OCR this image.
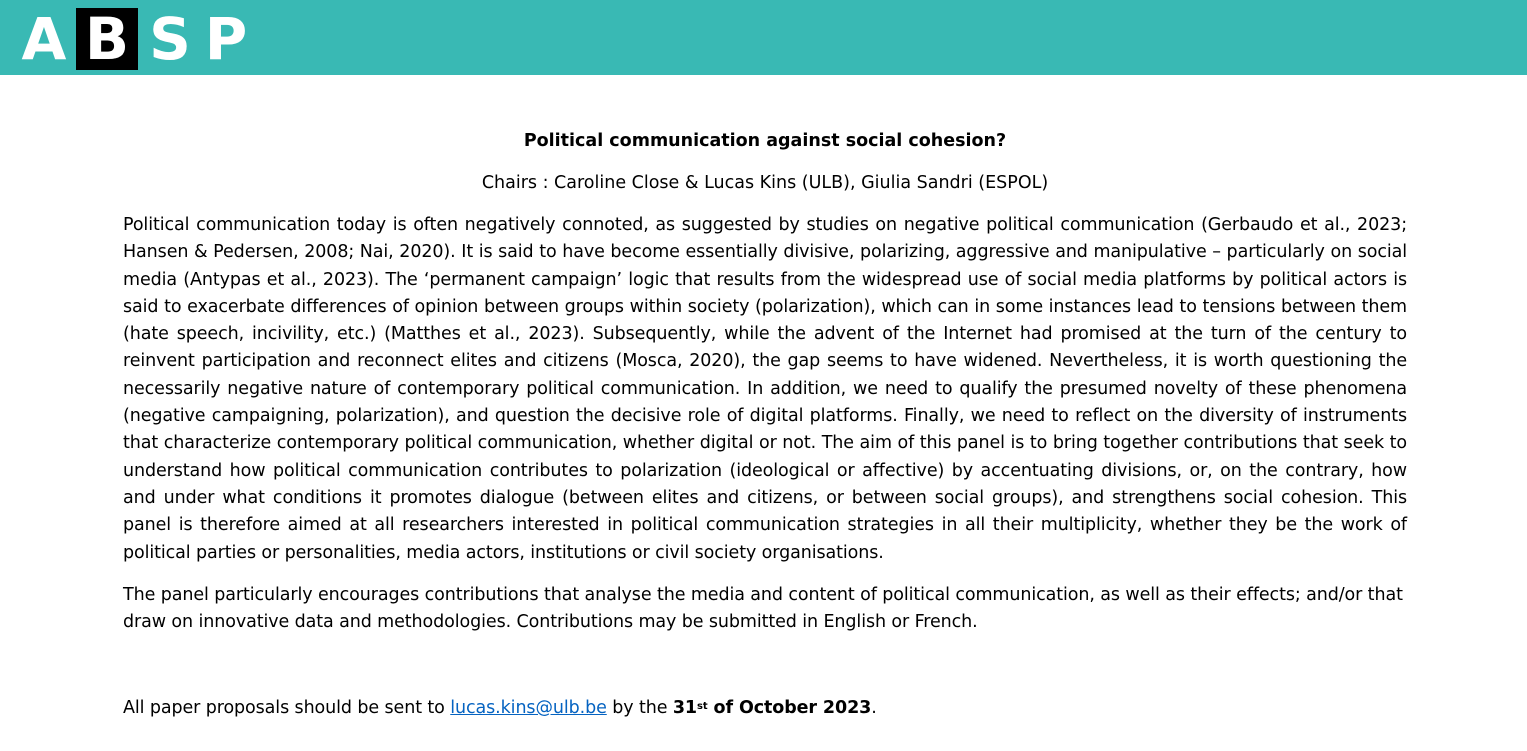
A B S P

Political communication against social cohesion?

Chairs : Caroline Close & Lucas Kins (ULB), Giulia Sandri (ESPOL)

Political communication today is often negatively connoted, as suggested by studies on negative political communication (Gerbaudo et al., 2023; Hansen & Pedersen, 2008; Nai, 2020). It is said to have become essentially divisive, polarizing, aggressive and manipulative – particularly on social media (Antypas et al., 2023). The ‘permanent campaign’ logic that results from the widespread use of social media platforms by political actors is said to exacerbate differences of opinion between groups within society (polarization), which can in some instances lead to tensions between them (hate speech, incivility, etc.) (Matthes et al., 2023). Subsequently, while the advent of the Internet had promised at the turn of the century to reinvent participation and reconnect elites and citizens (Mosca, 2020), the gap seems to have widened. Nevertheless, it is worth questioning the necessarily negative nature of contemporary political communication. In addition, we need to qualify the presumed novelty of these phenomena (negative campaigning, polarization), and question the decisive role of digital platforms. Finally, we need to reflect on the diversity of instruments that characterize contemporary political communication, whether digital or not. The aim of this panel is to bring together contributions that seek to understand how political communication contributes to polarization (ideological or affective) by accentuating divisions, or, on the contrary, how and under what conditions it promotes dialogue (between elites and citizens, or between social groups), and strengthens social cohesion. This panel is therefore aimed at all researchers interested in political communication strategies in all their multiplicity, whether they be the work of political parties or personalities, media actors, institutions or civil society organisations.

The panel particularly encourages contributions that analyse the media and content of political communication, as well as their effects; and/or that draw on innovative data and methodologies. Contributions may be submitted in English or French.

All paper proposals should be sent to lucas.kins@ulb.be by the 31st of October 2023.
